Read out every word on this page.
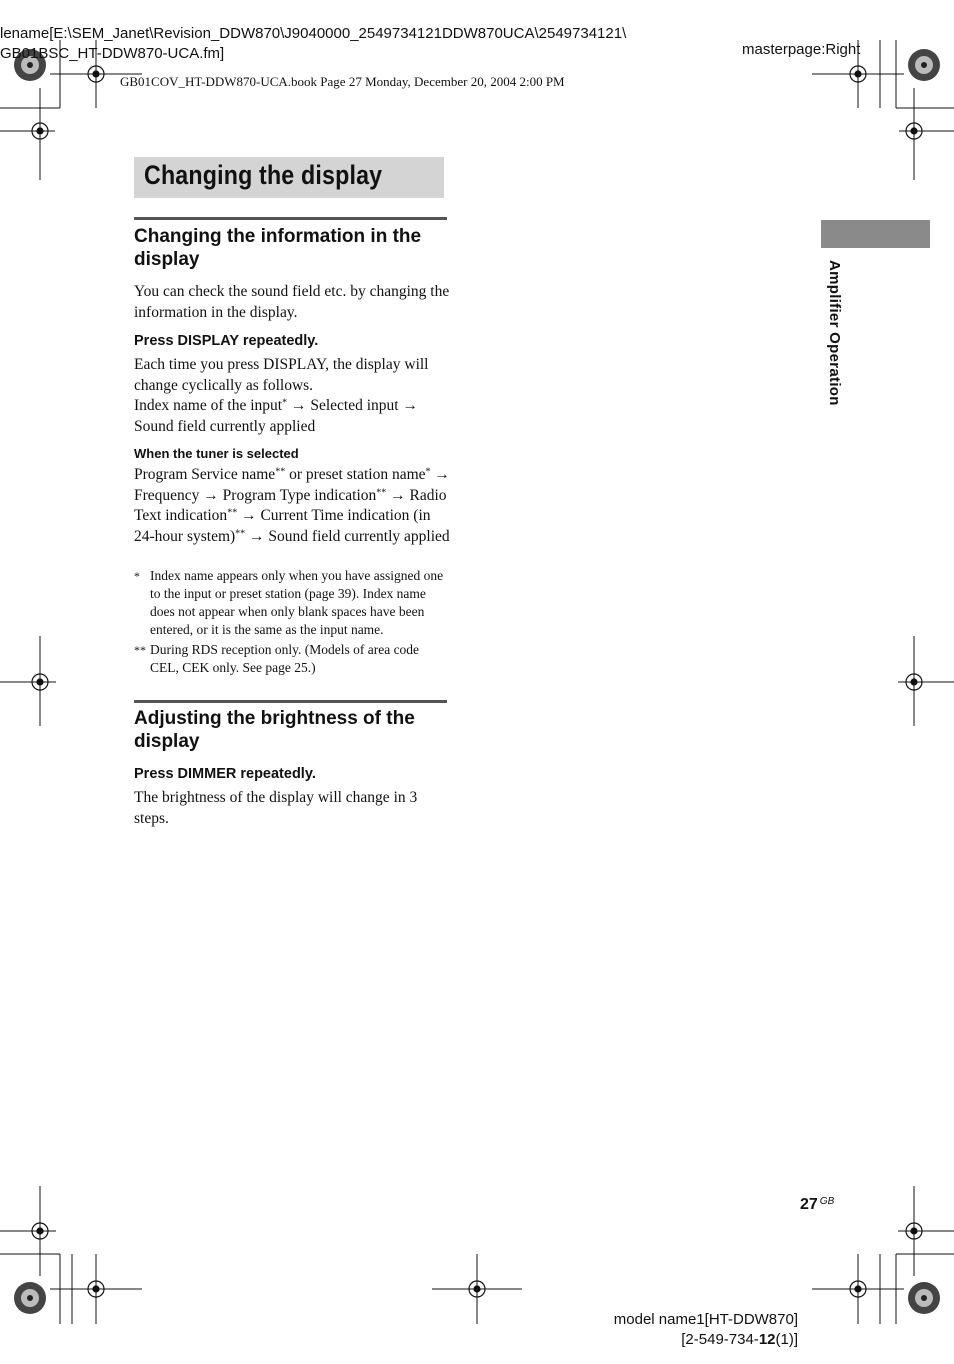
lename[E:\SEM_Janet\Revision_DDW870\J9040000_2549734121DDW870UCA\2549734121\
GB01BSC_HT-DDW870-UCA.fm]	masterpage:Right
GB01COV_HT-DDW870-UCA.book Page 27 Monday, December 20, 2004 2:00 PM
Changing the display
Amplifier Operation
Changing the information in the display

You can check the sound field etc. by changing the information in the display.

Press DISPLAY repeatedly.

Each time you press DISPLAY, the display will change cyclically as follows.

Index name of the input* → Selected input → Sound field currently applied

When the tuner is selected

Program Service name** or preset station name* → Frequency → Program Type indication** → Radio Text indication** → Current Time indication (in 24-hour system)** → Sound field currently applied

* Index name appears only when you have assigned one to the input or preset station (page 39). Index name does not appear when only blank spaces have been entered, or it is the same as the input name.
** During RDS reception only. (Models of area code CEL, CEK only. See page 25.)
Adjusting the brightness of the display
Press DIMMER repeatedly.

The brightness of the display will change in 3 steps.

27 $^{GB}$
model name1[HT-DDW870]
[2-549-734-12(1)]
